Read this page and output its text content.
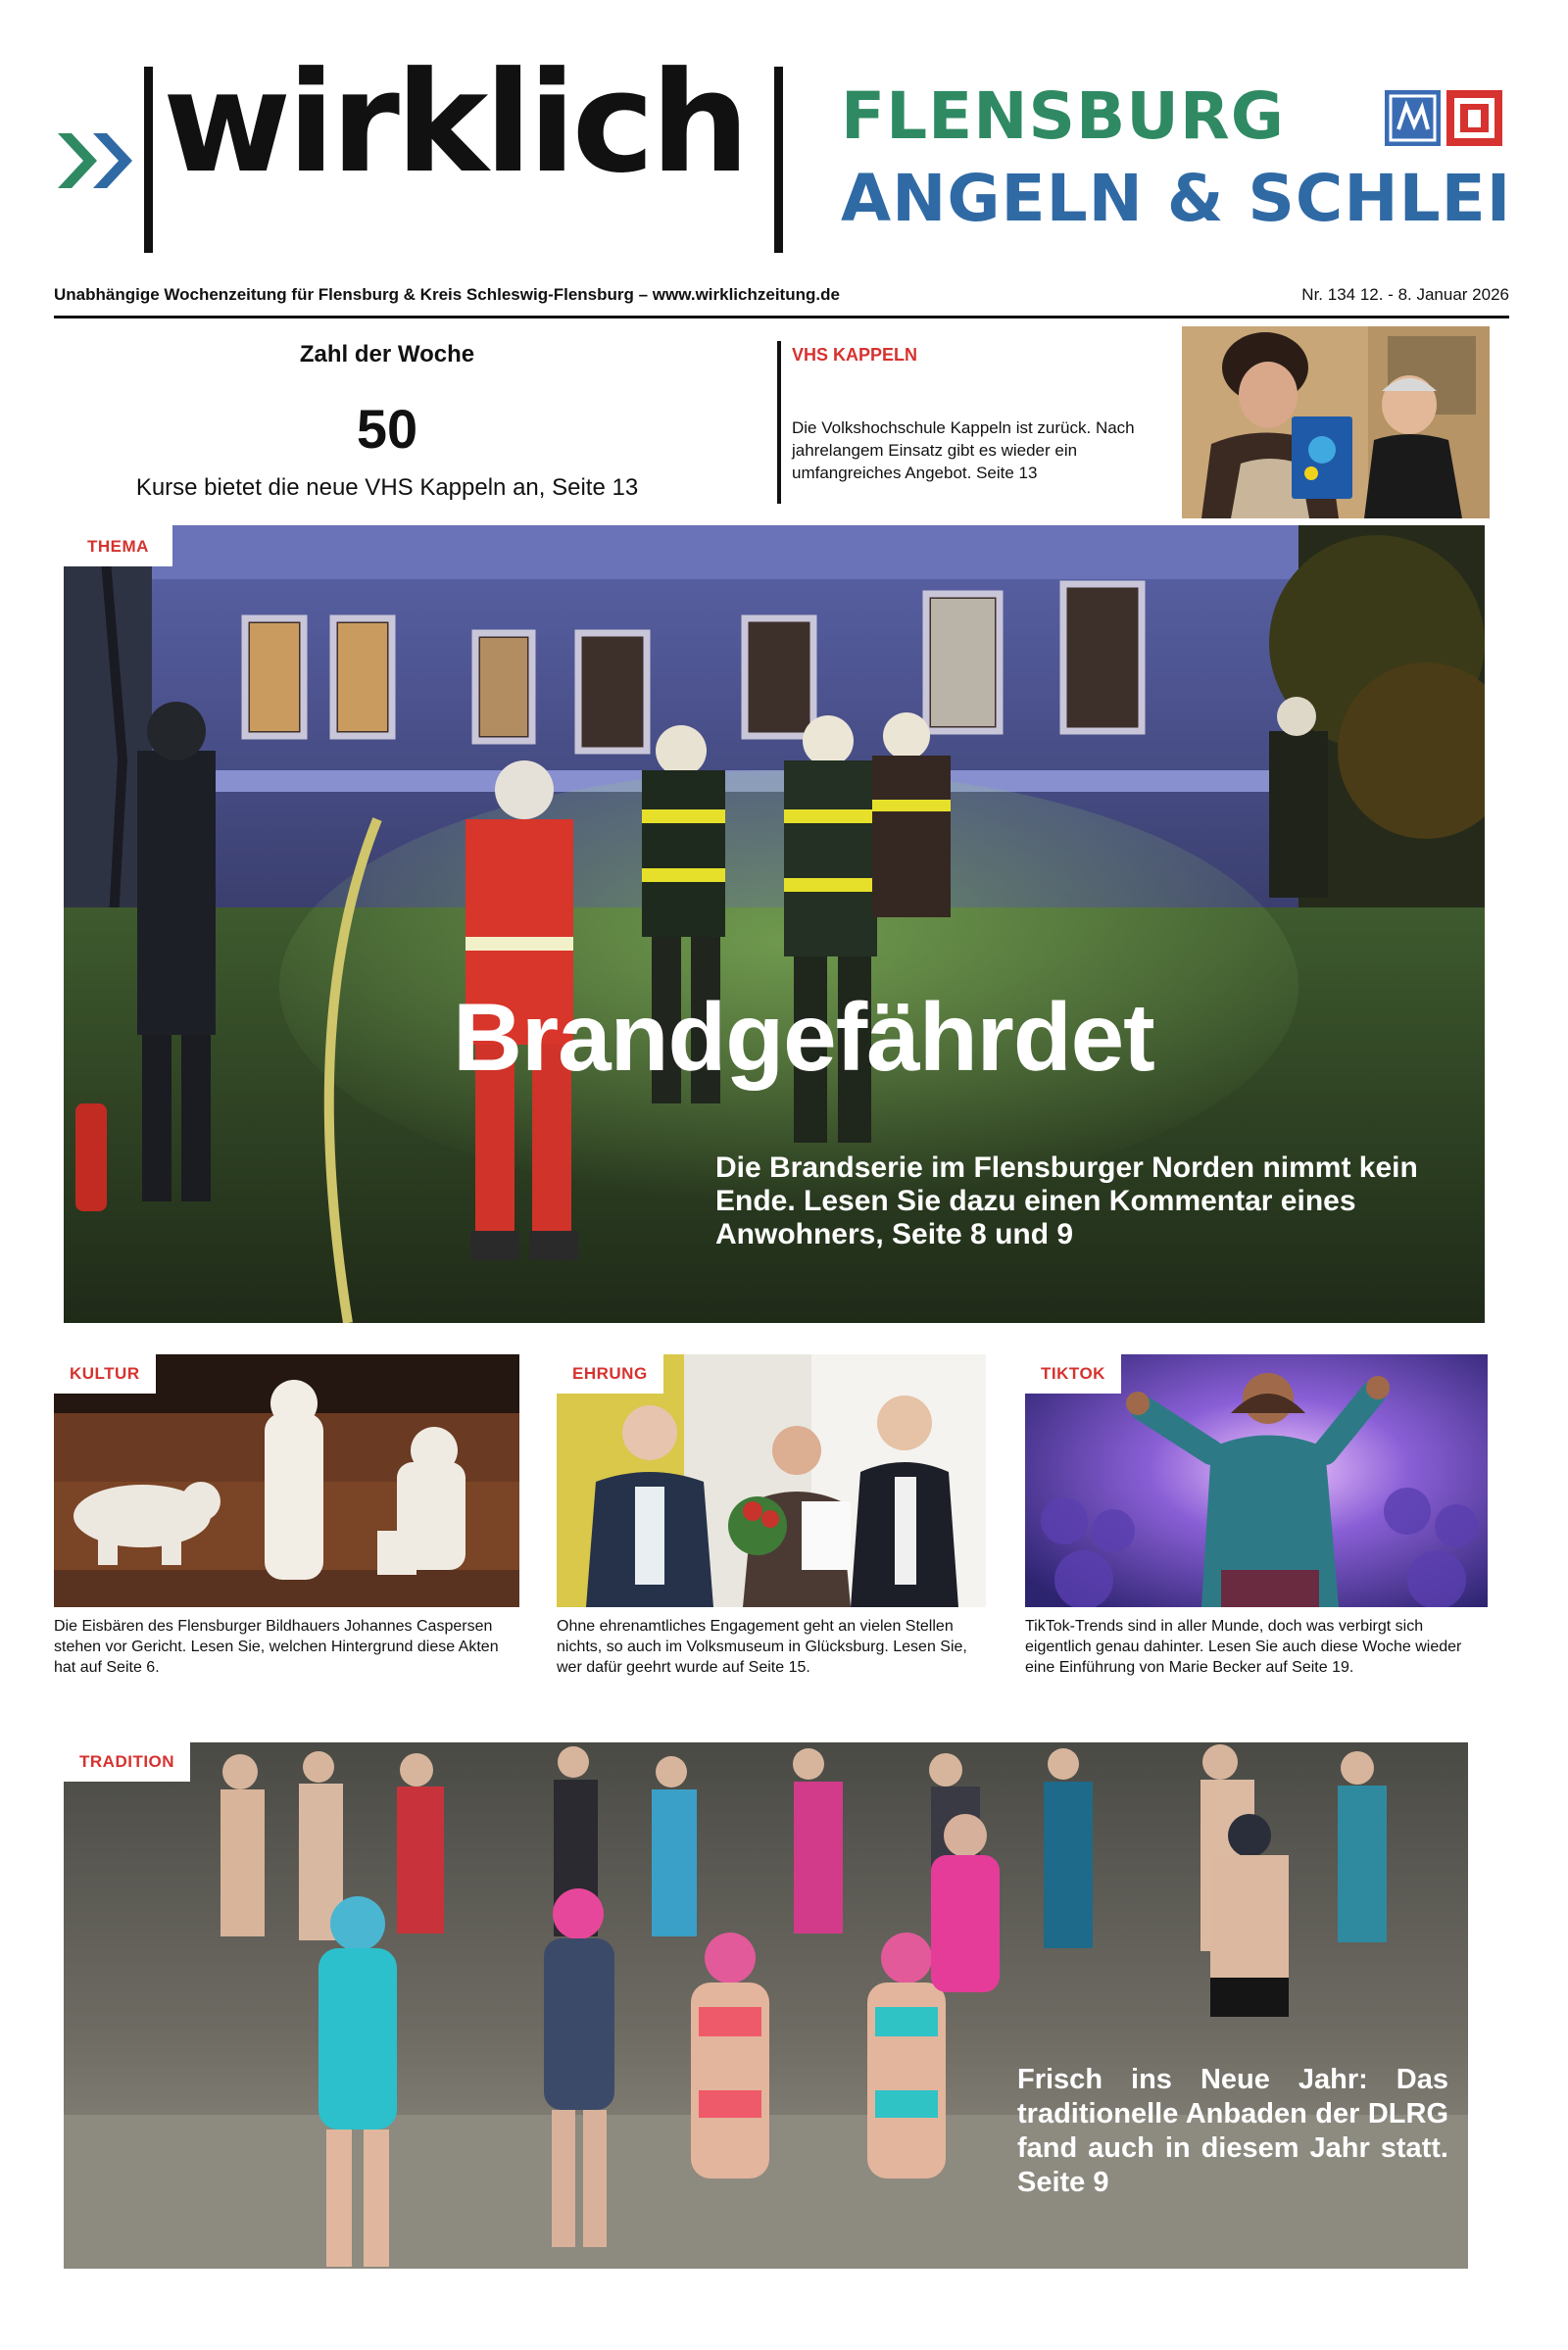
wirklich FLENSBURG
ANGELN & SCHLEI
Unabhängige Wochenzeitung für Flensburg & Kreis Schleswig-Flensburg – www.wirklichzeitung.de	Nr. 134 12. - 8. Januar 2026
Zahl der Woche
50
Kurse bietet die neue VHS Kappeln an, Seite 13
VHS KAPPELN
Die Volkshochschule Kappeln ist zurück. Nach jahrelangem Einsatz gibt es wieder ein umfangreiches Angebot. Seite 13
THEMA
Brandgefährdet
Die Brandserie im Flensburger Norden nimmt kein Ende. Lesen Sie dazu einen Kommentar eines Anwohners, Seite 8 und 9
KULTUR
Die Eisbären des Flensburger Bildhauers Johannes Caspersen stehen vor Gericht. Lesen Sie, welchen Hintergrund diese Akten hat auf Seite 6.
EHRUNG
Ohne ehrenamtliches Engagement geht an vielen Stellen nichts, so auch im Volksmuseum in Glücksburg. Lesen Sie, wer dafür geehrt wurde auf Seite 15.
TIKTOK
TikTok-Trends sind in aller Munde, doch was verbirgt sich eigentlich genau dahinter. Lesen Sie auch diese Woche wieder eine Einführung von Marie Becker auf Seite 19.
TRADITION
Frisch ins Neue Jahr: Das traditionelle Anbaden der DLRG fand auch in diesem Jahr statt. Seite 9
